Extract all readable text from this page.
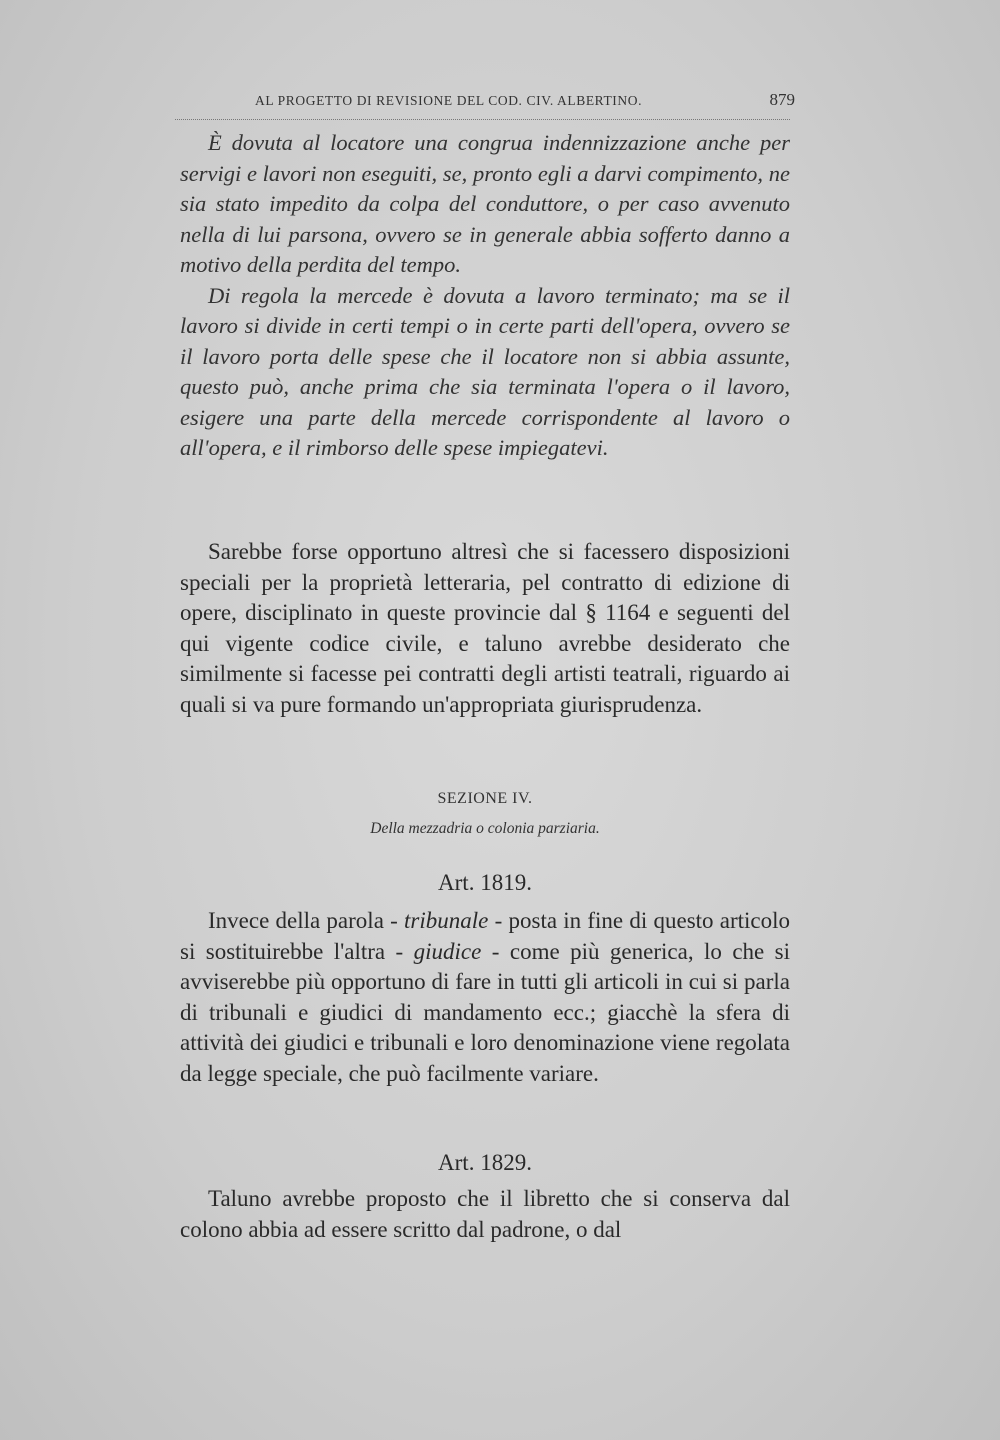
AL PROGETTO DI REVISIONE DEL COD. CIV. ALBERTINO.	879

È dovuta al locatore una congrua indennizzazione anche per servigi e lavori non eseguiti, se, pronto egli a darvi compimento, ne sia stato impedito da colpa del conduttore, o per caso avvenuto nella di lui parsona, ovvero se in generale abbia sofferto danno a motivo della perdita del tempo.

Di regola la mercede è dovuta a lavoro terminato; ma se il lavoro si divide in certi tempi o in certe parti dell'opera, ovvero se il lavoro porta delle spese che il locatore non si abbia assunte, questo può, anche prima che sia terminata l'opera o il lavoro, esigere una parte della mercede corrispondente al lavoro o all'opera, e il rimborso delle spese impiegatevi.

Sarebbe forse opportuno altresì che si facessero disposizioni speciali per la proprietà letteraria, pel contratto di edizione di opere, disciplinato in queste provincie dal § 1164 e seguenti del qui vigente codice civile, e taluno avrebbe desiderato che similmente si facesse pei contratti degli artisti teatrali, riguardo ai quali si va pure formando un'appropriata giurisprudenza.

SEZIONE IV.
Della mezzadria o colonia parziaria.
Art. 1819.

Invece della parola - tribunale - posta in fine di questo articolo si sostituirebbe l'altra - giudice - come più generica, lo che si avviserebbe più opportuno di fare in tutti gli articoli in cui si parla di tribunali e giudici di mandamento ecc.; giacchè la sfera di attività dei giudici e tribunali e loro denominazione viene regolata da legge speciale, che può facilmente variare.

Art. 1829.

Taluno avrebbe proposto che il libretto che si conserva dal colono abbia ad essere scritto dal padrone, o dal
